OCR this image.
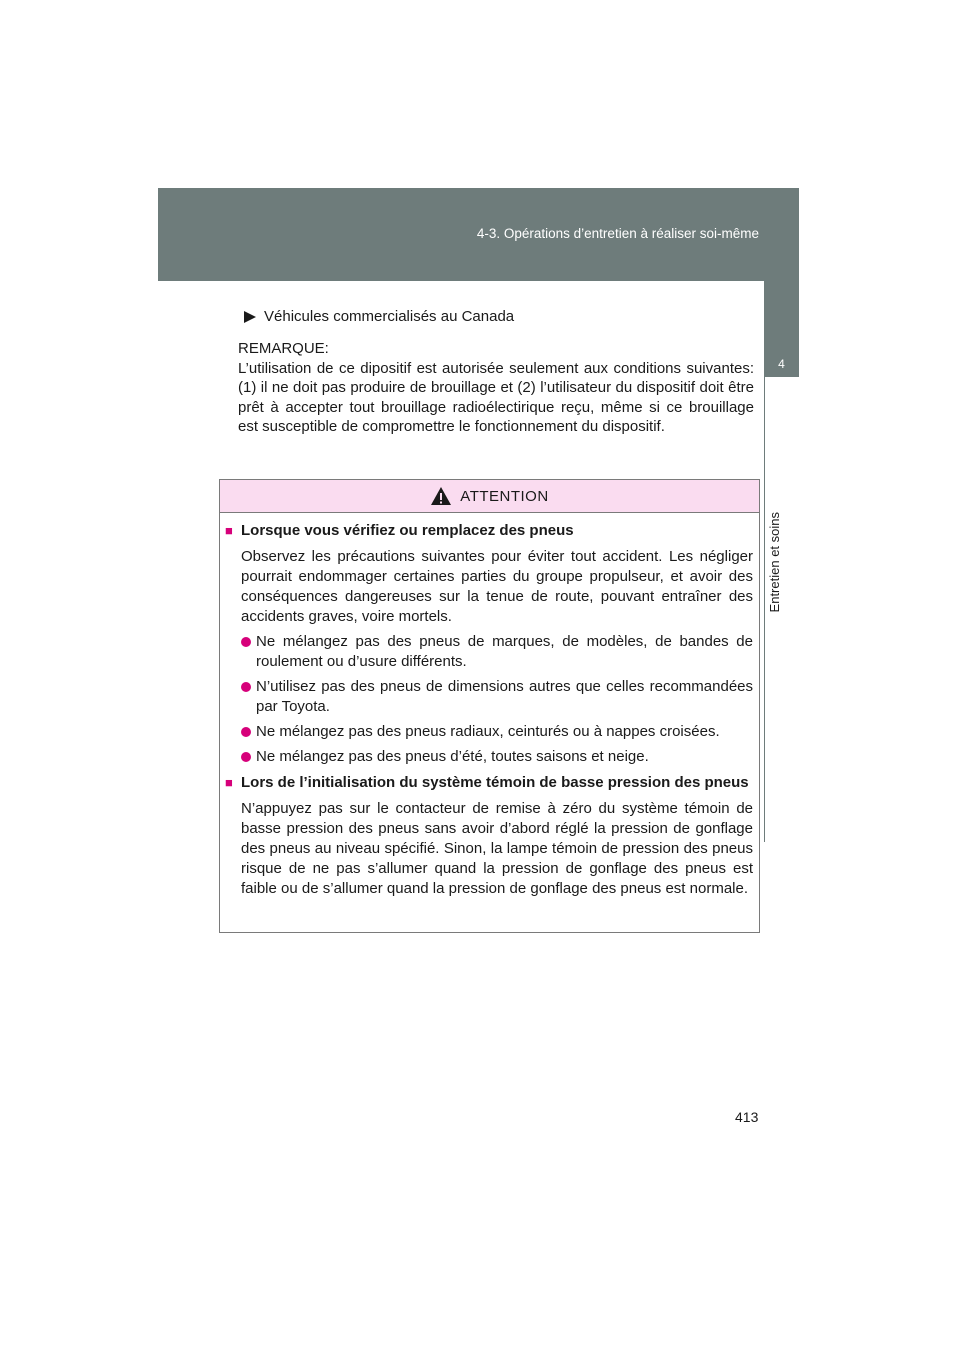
4-3. Opérations d’entretien à réaliser soi-même
4
Entretien et soins
Véhicules commercialisés au Canada
REMARQUE:
L’utilisation de ce dipositif est autorisée seulement aux conditions suivantes: (1) il ne doit pas produire de brouillage et (2) l’utilisateur du dispositif doit être prêt à accepter tout brouillage radioélectirique reçu, même si ce brouillage est susceptible de compromettre le fonctionnement du dispositif.
ATTENTION
■ Lorsque vous vérifiez ou remplacez des pneus
Observez les précautions suivantes pour éviter tout accident. Les négliger pourrait endommager certaines parties du groupe propulseur, et avoir des conséquences dangereuses sur la tenue de route, pouvant entraîner des accidents graves, voire mortels.
Ne mélangez pas des pneus de marques, de modèles, de bandes de roulement ou d’usure différents.
N’utilisez pas des pneus de dimensions autres que celles recommandées par Toyota.
Ne mélangez pas des pneus radiaux, ceinturés ou à nappes croisées.
Ne mélangez pas des pneus d’été, toutes saisons et neige.
■ Lors de l’initialisation du système témoin de basse pression des pneus
N’appuyez pas sur le contacteur de remise à zéro du système témoin de basse pression des pneus sans avoir d’abord réglé la pression de gonflage des pneus au niveau spécifié. Sinon, la lampe témoin de pression des pneus risque de ne pas s’allumer quand la pression de gonflage des pneus est faible ou de s’allumer quand la pression de gonflage des pneus est normale.
413
